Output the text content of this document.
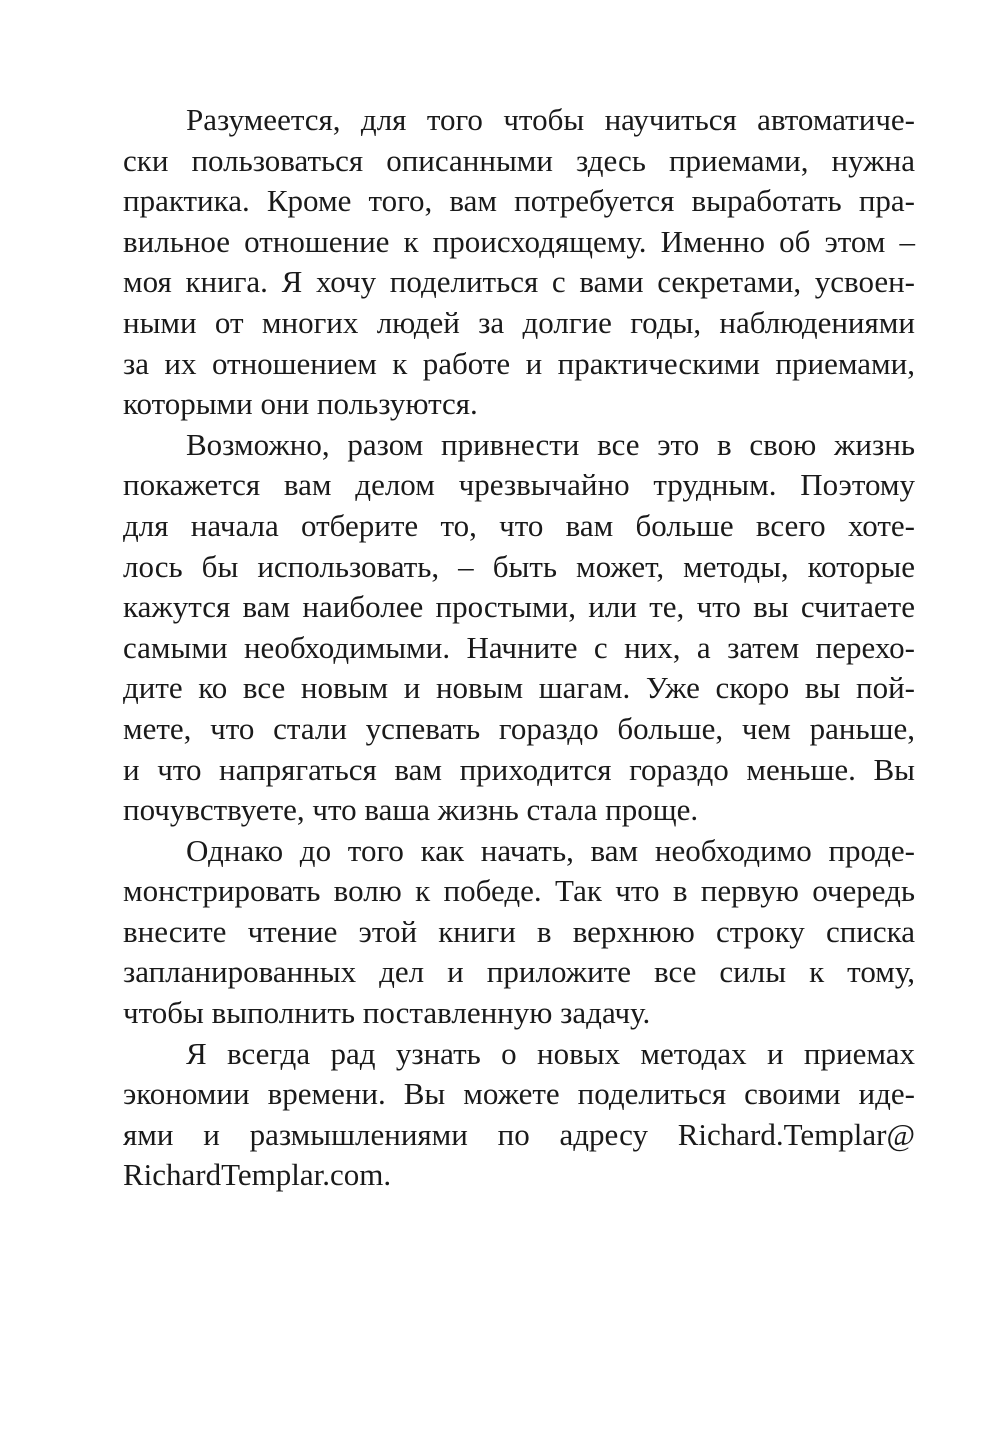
Разумеется, для того чтобы научиться автоматиче-
ски пользоваться описанными здесь приемами, нужна
практика. Кроме того, вам потребуется выработать пра-
вильное отношение к происходящему. Именно об этом –
моя книга. Я хочу поделиться с вами секретами, усвоен-
ными от многих людей за долгие годы, наблюдениями
за их отношением к работе и практическими приемами,
которыми они пользуются.
Возможно, разом привнести все это в свою жизнь
покажется вам делом чрезвычайно трудным. Поэтому
для начала отберите то, что вам больше всего хоте-
лось бы использовать, – быть может, методы, которые
кажутся вам наиболее простыми, или те, что вы считаете
самыми необходимыми. Начните с них, а затем перехо-
дите ко все новым и новым шагам. Уже скоро вы пой-
мете, что стали успевать гораздо больше, чем раньше,
и что напрягаться вам приходится гораздо меньше. Вы
почувствуете, что ваша жизнь стала проще.
Однако до того как начать, вам необходимо проде-
монстрировать волю к победе. Так что в первую очередь
внесите чтение этой книги в верхнюю строку списка
запланированных дел и приложите все силы к тому,
чтобы выполнить поставленную задачу.
Я всегда рад узнать о новых методах и приемах
экономии времени. Вы можете поделиться своими иде-
ями и размышлениями по адресу Richard.Templar@
RichardTemplar.com.
